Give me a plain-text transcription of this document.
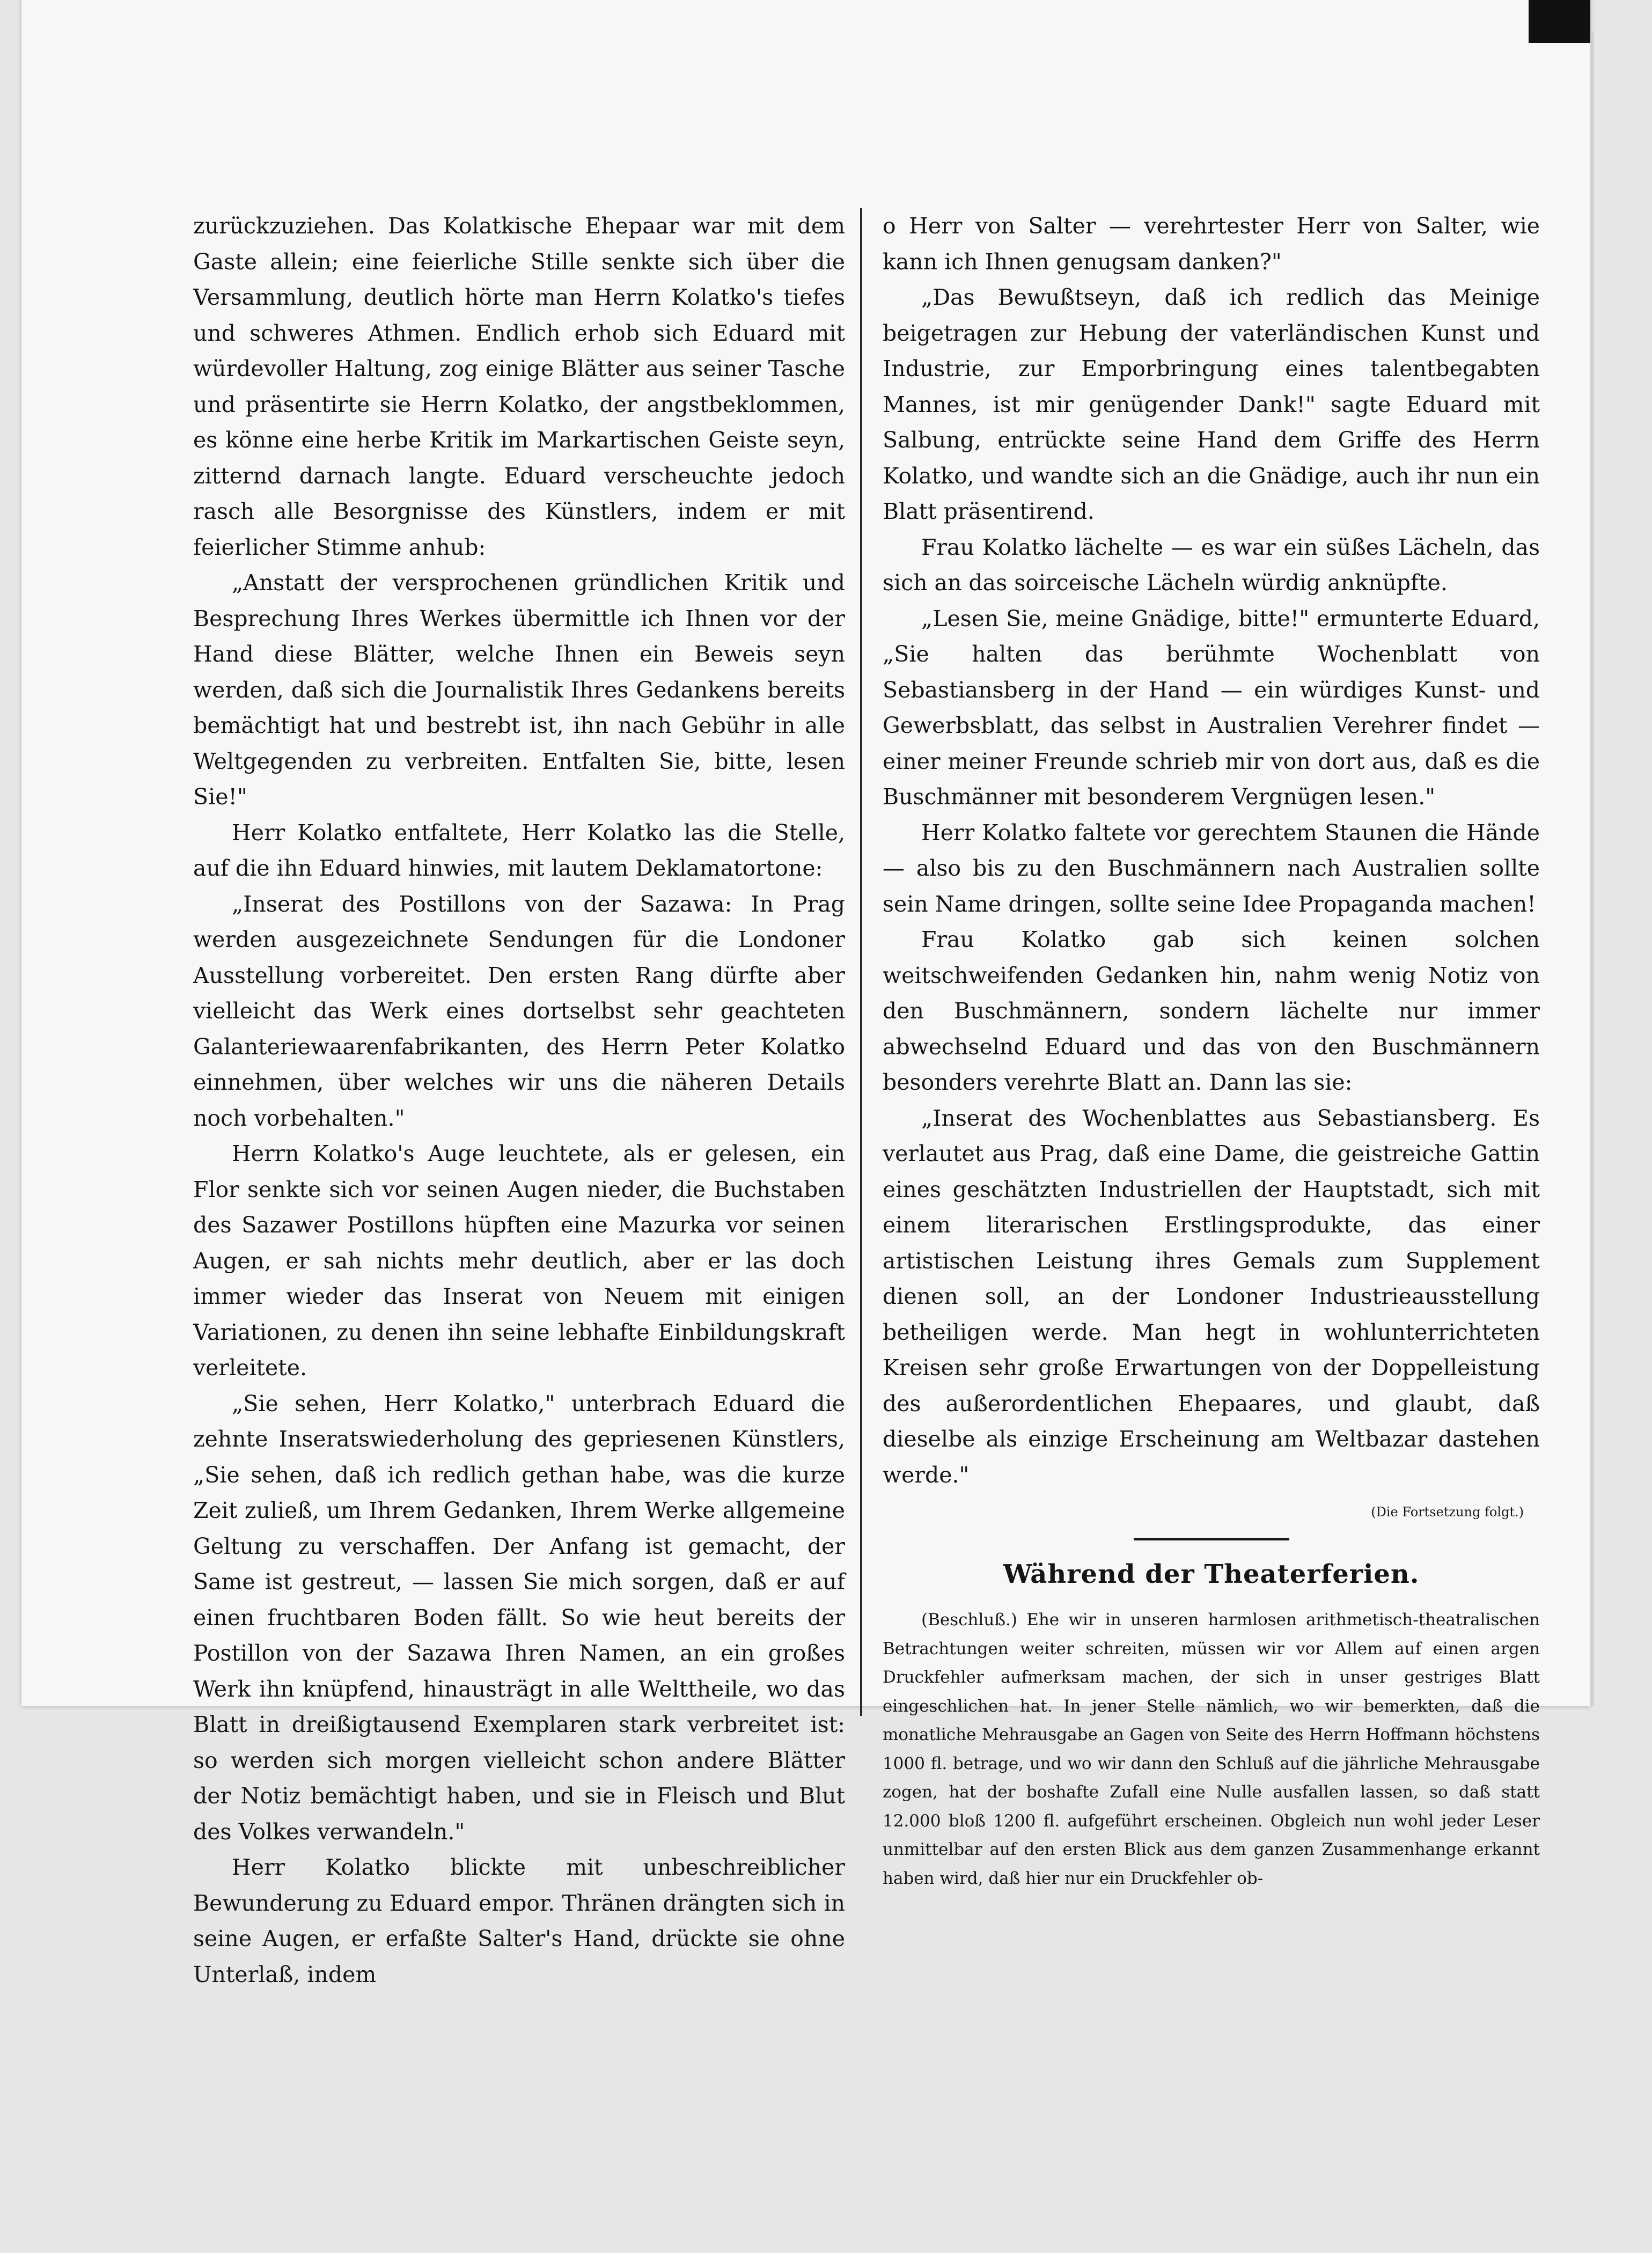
zurückzuziehen. Das Kolatkische Ehepaar war mit dem Gaste allein; eine feierliche Stille senkte sich über die Versammlung, deutlich hörte man Herrn Kolatko's tiefes und schweres Athmen. Endlich erhob sich Eduard mit würdevoller Haltung, zog einige Blätter aus seiner Tasche und präsentirte sie Herrn Kolatko, der angstbeklommen, es könne eine herbe Kritik im Markartischen Geiste seyn, zitternd darnach langte. Eduard verscheuchte jedoch rasch alle Besorgnisse des Künstlers, indem er mit feierlicher Stimme anhub:

„Anstatt der versprochenen gründlichen Kritik und Besprechung Ihres Werkes übermittle ich Ihnen vor der Hand diese Blätter, welche Ihnen ein Beweis seyn werden, daß sich die Journalistik Ihres Gedankens bereits bemächtigt hat und bestrebt ist, ihn nach Gebühr in alle Weltgegenden zu verbreiten. Entfalten Sie, bitte, lesen Sie!"

Herr Kolatko entfaltete, Herr Kolatko las die Stelle, auf die ihn Eduard hinwies, mit lautem Deklamatortone:

„Inserat des Postillons von der Sazawa: In Prag werden ausgezeichnete Sendungen für die Londoner Ausstellung vorbereitet. Den ersten Rang dürfte aber vielleicht das Werk eines dortselbst sehr geachteten Galanteriewaarenfabrikanten, des Herrn Peter Kolatko einnehmen, über welches wir uns die näheren Details noch vorbehalten."

Herrn Kolatko's Auge leuchtete, als er gelesen, ein Flor senkte sich vor seinen Augen nieder, die Buchstaben des Sazawer Postillons hüpften eine Mazurka vor seinen Augen, er sah nichts mehr deutlich, aber er las doch immer wieder das Inserat von Neuem mit einigen Variationen, zu denen ihn seine lebhafte Einbildungskraft verleitete.

„Sie sehen, Herr Kolatko," unterbrach Eduard die zehnte Inseratswiederholung des gepriesenen Künstlers, „Sie sehen, daß ich redlich gethan habe, was die kurze Zeit zuließ, um Ihrem Gedanken, Ihrem Werke allgemeine Geltung zu verschaffen. Der Anfang ist gemacht, der Same ist gestreut, — lassen Sie mich sorgen, daß er auf einen fruchtbaren Boden fällt. So wie heut bereits der Postillon von der Sazawa Ihren Namen, an ein großes Werk ihn knüpfend, hinausträgt in alle Welttheile, wo das Blatt in dreißigtausend Exemplaren stark verbreitet ist: so werden sich morgen vielleicht schon andere Blätter der Notiz bemächtigt haben, und sie in Fleisch und Blut des Volkes verwandeln."

Herr Kolatko blickte mit unbeschreiblicher Bewunderung zu Eduard empor. Thränen drängten sich in seine Augen, er erfaßte Salter's Hand, drückte sie ohne Unterlaß, indem

o Herr von Salter — verehrtester Herr von Salter, wie kann ich Ihnen genugsam danken?"

„Das Bewußtseyn, daß ich redlich das Meinige beigetragen zur Hebung der vaterländischen Kunst und Industrie, zur Emporbringung eines talentbegabten Mannes, ist mir genügender Dank!" sagte Eduard mit Salbung, entrückte seine Hand dem Griffe des Herrn Kolatko, und wandte sich an die Gnädige, auch ihr nun ein Blatt präsentirend.

Frau Kolatko lächelte — es war ein süßes Lächeln, das sich an das soirceische Lächeln würdig anknüpfte.

„Lesen Sie, meine Gnädige, bitte!" ermunterte Eduard, „Sie halten das berühmte Wochenblatt von Sebastiansberg in der Hand — ein würdiges Kunst- und Gewerbsblatt, das selbst in Australien Verehrer findet — einer meiner Freunde schrieb mir von dort aus, daß es die Buschmänner mit besonderem Vergnügen lesen."

Herr Kolatko faltete vor gerechtem Staunen die Hände — also bis zu den Buschmännern nach Australien sollte sein Name dringen, sollte seine Idee Propaganda machen!

Frau Kolatko gab sich keinen solchen weitschweifenden Gedanken hin, nahm wenig Notiz von den Buschmännern, sondern lächelte nur immer abwechselnd Eduard und das von den Buschmännern besonders verehrte Blatt an. Dann las sie:

„Inserat des Wochenblattes aus Sebastiansberg. Es verlautet aus Prag, daß eine Dame, die geistreiche Gattin eines geschätzten Industriellen der Hauptstadt, sich mit einem literarischen Erstlingsprodukte, das einer artistischen Leistung ihres Gemals zum Supplement dienen soll, an der Londoner Industrieausstellung betheiligen werde. Man hegt in wohlunterrichteten Kreisen sehr große Erwartungen von der Doppelleistung des außerordentlichen Ehepaares, und glaubt, daß dieselbe als einzige Erscheinung am Weltbazar dastehen werde."

(Die Fortsetzung folgt.)
Während der Theaterferien.

(Beschluß.) Ehe wir in unseren harmlosen arithmetisch-theatralischen Betrachtungen weiter schreiten, müssen wir vor Allem auf einen argen Druckfehler aufmerksam machen, der sich in unser gestriges Blatt eingeschlichen hat. In jener Stelle nämlich, wo wir bemerkten, daß die monatliche Mehrausgabe an Gagen von Seite des Herrn Hoffmann höchstens 1000 fl. betrage, und wo wir dann den Schluß auf die jährliche Mehrausgabe zogen, hat der boshafte Zufall eine Nulle ausfallen lassen, so daß statt 12.000 bloß 1200 fl. aufgeführt erscheinen. Obgleich nun wohl jeder Leser unmittelbar auf den ersten Blick aus dem ganzen Zusammenhange erkannt haben wird, daß hier nur ein Druckfehler ob-
